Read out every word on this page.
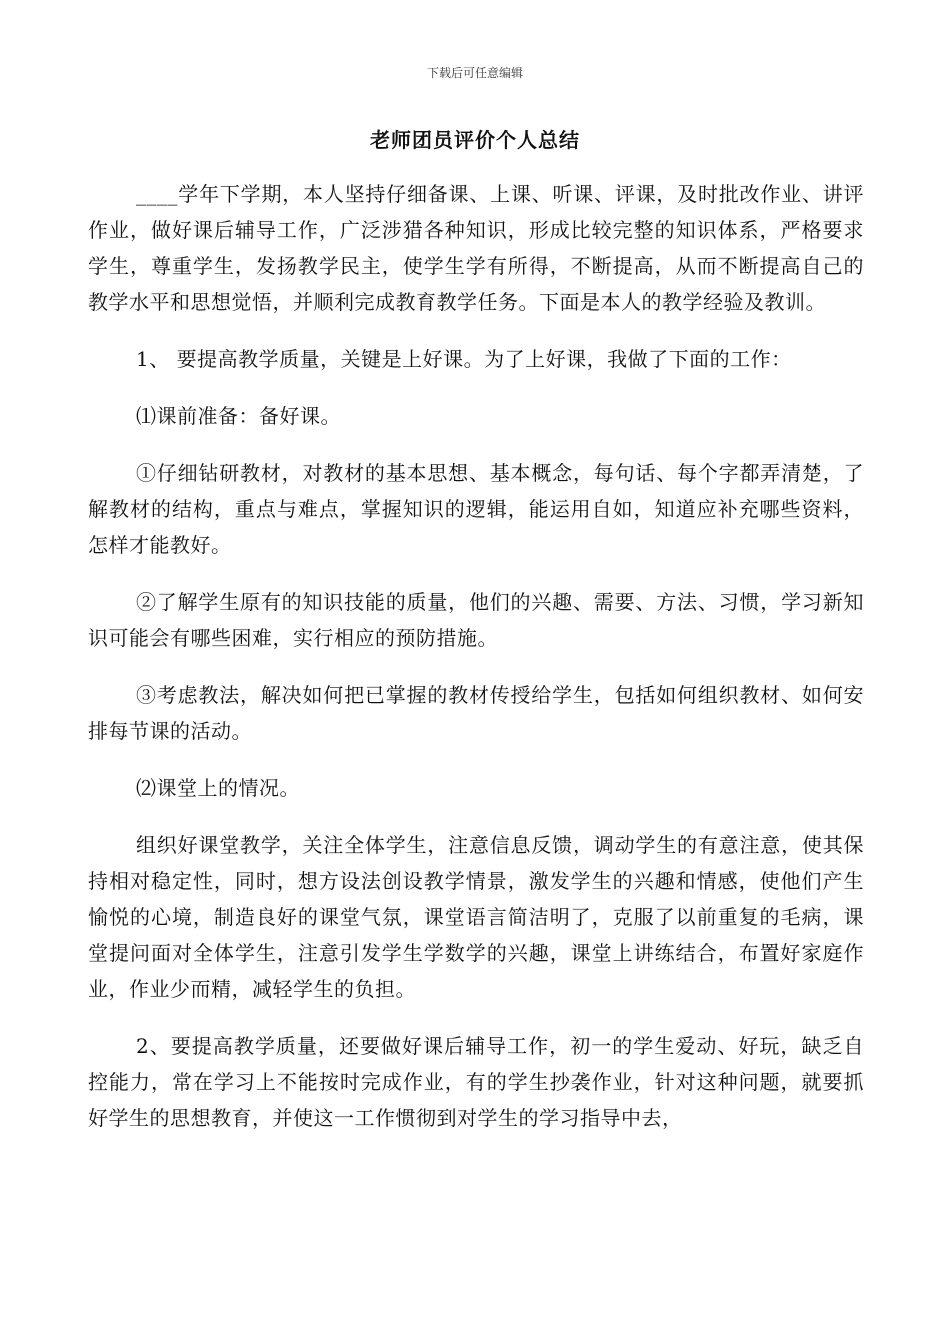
下载后可任意编辑
老师团员评价个人总结

____学年下学期，本人坚持仔细备课、上课、听课、评课，及时批改作业、讲评作业，做好课后辅导工作，广泛涉猎各种知识，形成比较完整的知识体系，严格要求学生，尊重学生，发扬教学民主，使学生学有所得，不断提高，从而不断提高自己的教学水平和思想觉悟，并顺利完成教育教学任务。下面是本人的教学经验及教训。

1、 要提高教学质量，关键是上好课。为了上好课，我做了下面的工作：

⑴课前准备：备好课。

①仔细钻研教材，对教材的基本思想、基本概念，每句话、每个字都弄清楚，了解教材的结构，重点与难点，掌握知识的逻辑，能运用自如，知道应补充哪些资料，怎样才能教好。

②了解学生原有的知识技能的质量，他们的兴趣、需要、方法、习惯，学习新知识可能会有哪些困难，实行相应的预防措施。

③考虑教法，解决如何把已掌握的教材传授给学生，包括如何组织教材、如何安排每节课的活动。

⑵课堂上的情况。

组织好课堂教学，关注全体学生，注意信息反馈，调动学生的有意注意，使其保持相对稳定性，同时，想方设法创设教学情景，激发学生的兴趣和情感，使他们产生愉悦的心境，制造良好的课堂气氛，课堂语言简洁明了，克服了以前重复的毛病，课堂提问面对全体学生，注意引发学生学数学的兴趣，课堂上讲练结合，布置好家庭作业，作业少而精，减轻学生的负担。

2、要提高教学质量，还要做好课后辅导工作，初一的学生爱动、好玩，缺乏自控能力，常在学习上不能按时完成作业，有的学生抄袭作业，针对这种问题，就要抓好学生的思想教育，并使这一工作惯彻到对学生的学习指导中去，
